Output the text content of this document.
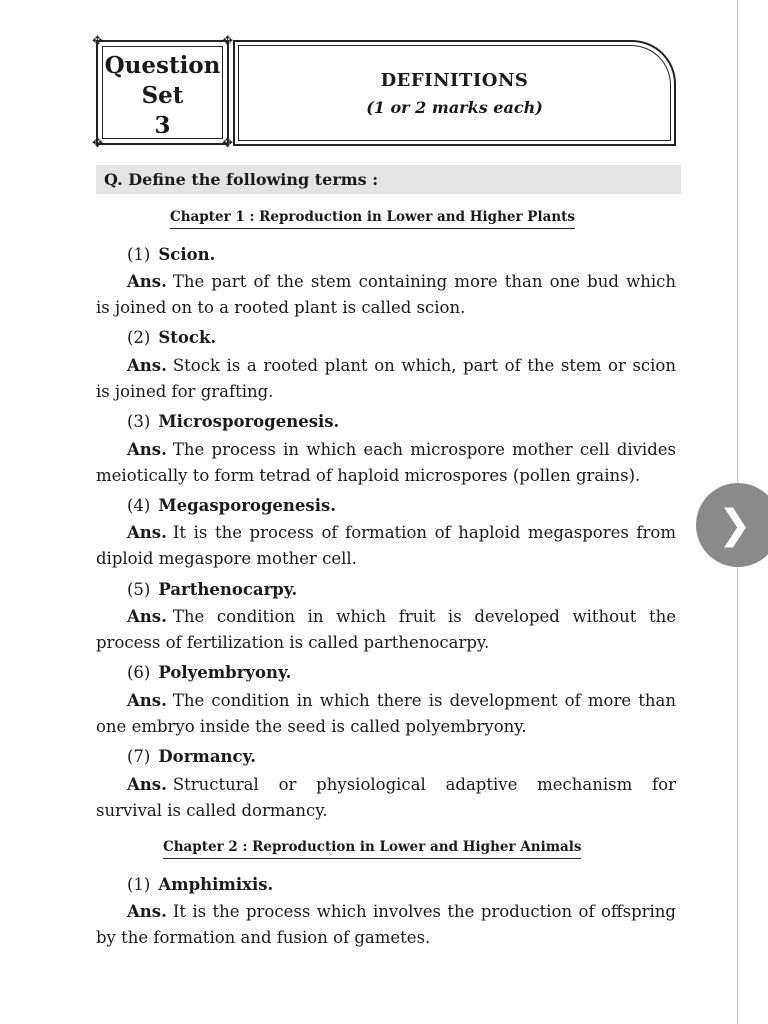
✥	✥
✥	✥
Question
Set
3
DEFINITIONS
(1 or 2 marks each)
Q. Define the following terms :
Chapter 1 : Reproduction in Lower and Higher Plants
(1) Scion.
Ans. The part of the stem containing more than one bud which
is joined on to a rooted plant is called scion.
(2) Stock.
Ans. Stock is a rooted plant on which, part of the stem or scion
is joined for grafting.
(3) Microsporogenesis.
Ans. The process in which each microspore mother cell divides
meiotically to form tetrad of haploid microspores (pollen grains).
(4) Megasporogenesis.
Ans. It is the process of formation of haploid megaspores from
diploid megaspore mother cell.
(5) Parthenocarpy.
Ans. The condition in which fruit is developed without the
process of fertilization is called parthenocarpy.
(6) Polyembryony.
Ans. The condition in which there is development of more than
one embryo inside the seed is called polyembryony.
(7) Dormancy.
Ans. Structural or physiological adaptive mechanism for
survival is called dormancy.
Chapter 2 : Reproduction in Lower and Higher Animals
(1) Amphimixis.
Ans. It is the process which involves the production of offspring
by the formation and fusion of gametes.
❯
